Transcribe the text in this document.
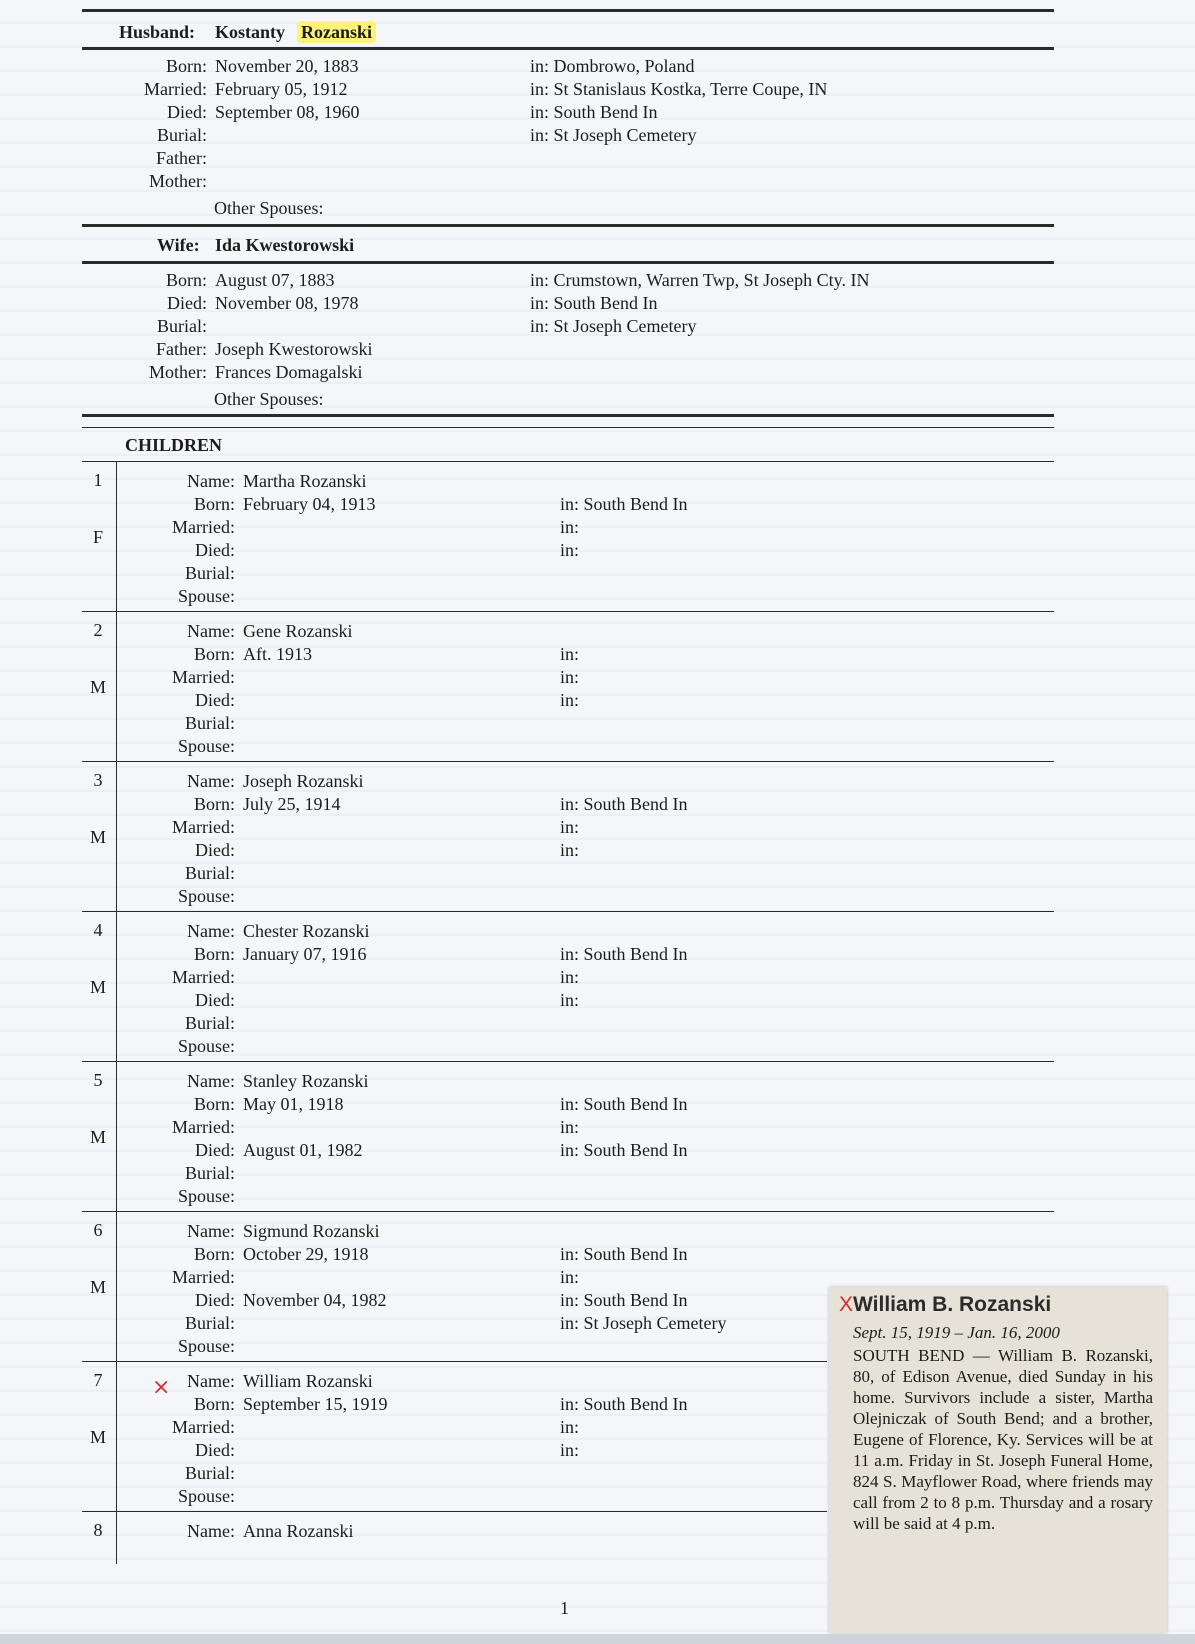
Husband: Kostanty Rozanski
Born: November 20, 1883	in: Dombrowo, Poland
Married: February 05, 1912	in: St Stanislaus Kostka, Terre Coupe, IN
Died: September 08, 1960	in: South Bend In
Burial:	in: St Joseph Cemetery
Father:
Mother:
Other Spouses:
Wife: Ida Kwestorowski
Born: August 07, 1883	in: Crumstown, Warren Twp, St Joseph Cty. IN
Died: November 08, 1978	in: South Bend In
Burial:	in: St Joseph Cemetery
Father: Joseph Kwestorowski
Mother: Frances Domagalski
Other Spouses:
CHILDREN
1
F
Name: Martha Rozanski
Born: February 04, 1913	in: South Bend In
Married:	in:
Died:	in:
Burial:
Spouse:
2
M
Name: Gene Rozanski
Born: Aft. 1913	in:
Married:	in:
Died:	in:
Burial:
Spouse:
3
M
Name: Joseph Rozanski
Born: July 25, 1914	in: South Bend In
Married:	in:
Died:	in:
Burial:
Spouse:
4
M
Name: Chester Rozanski
Born: January 07, 1916	in: South Bend In
Married:	in:
Died:	in:
Burial:
Spouse:
5
M
Name: Stanley Rozanski
Born: May 01, 1918	in: South Bend In
Married:	in:
Died: August 01, 1982	in: South Bend In
Burial:
Spouse:
6
M
Name: Sigmund Rozanski
Born: October 29, 1918	in: South Bend In
Married:	in:
Died: November 04, 1982	in: South Bend In
Burial:	in: St Joseph Cemetery
Spouse:
7
M
Name: William Rozanski
Born: September 15, 1919	in: South Bend In
Married:	in:
Died:	in:
Burial:
Spouse:
8	Name: Anna Rozanski
⨯
XWilliam B. Rozanski
Sept. 15, 1919 – Jan. 16, 2000
SOUTH BEND — William B. Rozanski, 80, of Edison Avenue, died Sunday in his home. Survivors include a sister, Martha Olejniczak of South Bend; and a brother, Eugene of Florence, Ky. Services will be at 11 a.m. Friday in St. Joseph Funeral Home, 824 S. Mayflower Road, where friends may call from 2 to 8 p.m. Thursday and a rosary will be said at 4 p.m.
1
